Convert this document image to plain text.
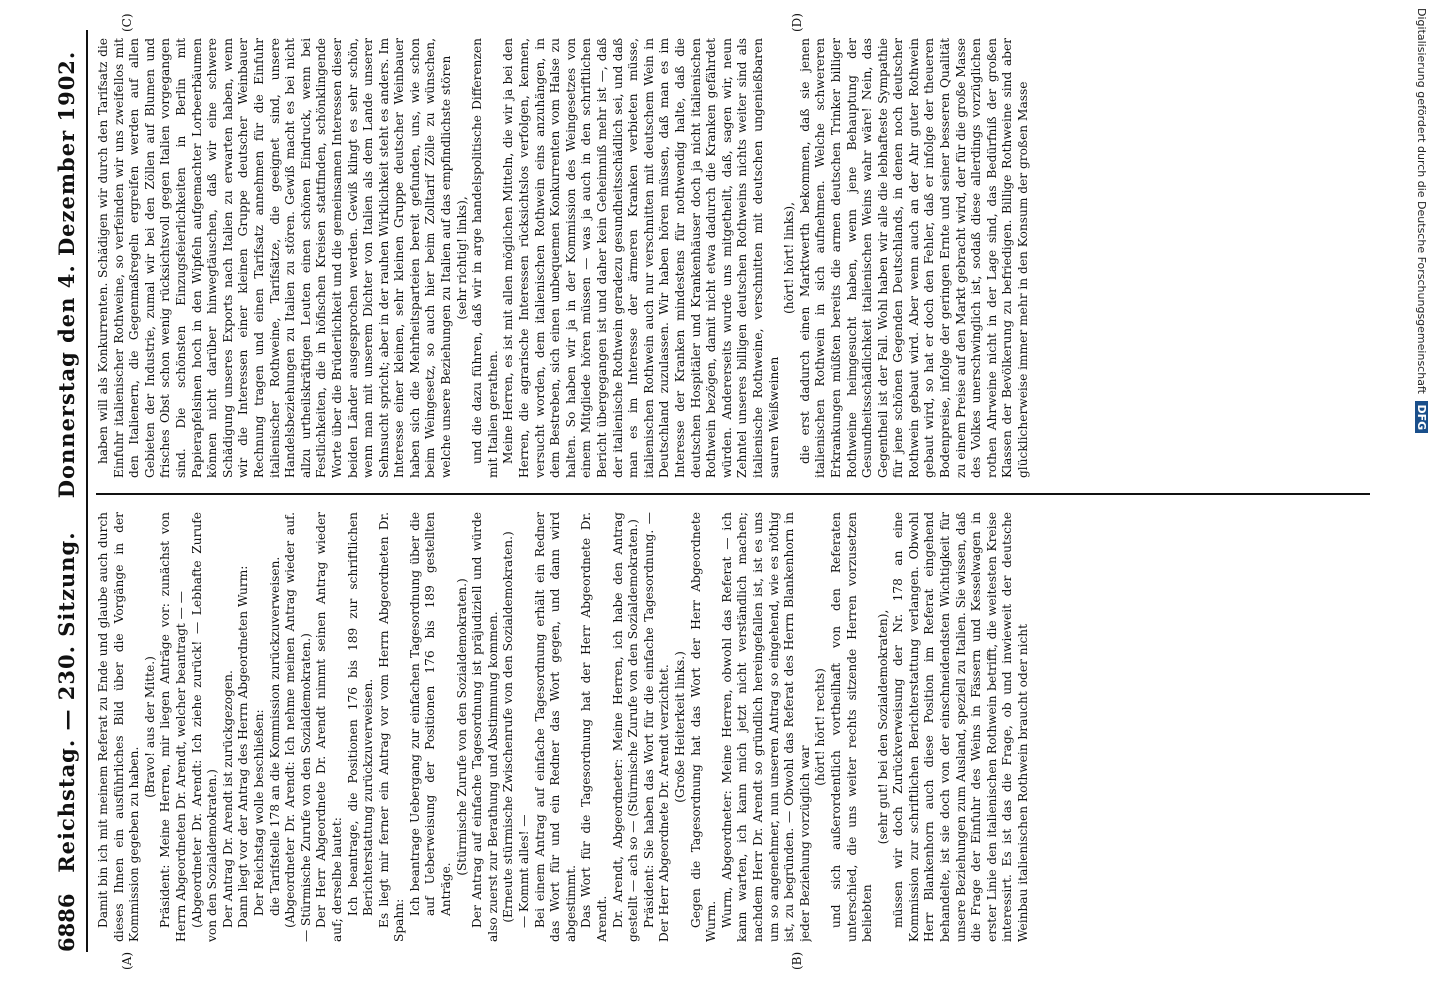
6886
Reichstag. — 230. Sitzung.    Donnerstag den 4. Dezember 1902.
(A)	(B)
(C)	(D)

Damit bin ich mit meinem Referat zu Ende und glaube auch durch dieses Ihnen ein ausführliches Bild über die Vorgänge in der Kommission gegeben zu haben.

(Bravo! aus der Mitte.) Präsident: Meine Herren, mir liegen Anträge vor: zunächst von Herrn Abgeordneten Dr. Arendt, welcher beantragt — — (Abgeordneter Dr. Arendt: Ich ziehe zurück! — Lebhafte Zurufe von den Sozialdemokraten.) Der Antrag Dr. Arendt ist zurückgezogen. Dann liegt vor der Antrag des Herrn Abgeordneten Wurm: Der Reichstag wolle beschließen: die Tarifstelle 178 an die Kommission zurückzuverweisen. (Abgeordneter Dr. Arendt: Ich nehme meinen Antrag wieder auf. — Stürmische Zurufe von den Sozialdemokraten.) Der Herr Abgeordnete Dr. Arendt nimmt seinen Antrag wieder auf; derselbe lautet: Ich beantrage, die Positionen 176 bis 189 zur schriftlichen Berichterstattung zurückzuverweisen. Es liegt mir ferner ein Antrag vor vom Herrn Abgeordneten Dr. Spahn:

Ich beantrage Uebergang zur einfachen Tagesordnung über die auf Ueberweisung der Positionen 176 bis 189 gestellten Anträge.

(Stürmische Zurufe von den Sozialdemokraten.) Der Antrag auf einfache Tagesordnung ist präjudiziell und würde also zuerst zur Berathung und Abstimmung kommen. (Erneute stürmische Zwischenrufe von den Sozialdemokraten.) — Kommt alles! — Bei einem Antrag auf einfache Tagesordnung erhält ein Redner das Wort für und ein Redner das Wort gegen, und dann wird abgestimmt. Das Wort für die Tagesordnung hat der Herr Abgeordnete Dr. Arendt. Dr. Arendt, Abgeordneter: Meine Herren, ich habe den Antrag gestellt — ach so — (Stürmische Zurufe von den Sozialdemokraten.) Präsident: Sie haben das Wort für die einfache Tagesordnung. — Der Herr Abgeordnete Dr. Arendt verzichtet. (Große Heiterkeit links.) Gegen die Tagesordnung hat das Wort der Herr Abgeordnete Wurm. Wurm, Abgeordneter: Meine Herren, obwohl das Referat — ich kann warten, ich kann mich jetzt nicht verständlich machen; nachdem Herr Dr. Arendt so gründlich hereingefallen ist, ist es uns um so angenehmer, nun unseren Antrag so eingehend, wie es nöthig ist, zu begründen. — Obwohl das Referat des Herrn Blankenhorn in jeder Beziehung vorzüglich war

(hört! hört! rechts) und sich außerordentlich vortheilhaft von den Referaten unterschied, die uns weiter rechts sitzende Herren vorzusetzen beliebten

(sehr gut! bei den Sozialdemokraten), müssen wir doch Zurückverweisung der Nr. 178 an eine Kommission zur schriftlichen Berichterstattung verlangen. Obwohl Herr Blankenhorn auch diese Position im Referat eingehend behandelte, ist sie doch von der einschneidendsten Wichtigkeit für unsere Beziehungen zum Ausland, speziell zu Italien. Sie wissen, daß die Frage der Einfuhr des Weins in Fässern und Kesselwagen in erster Linie den italienischen Rothwein betrifft, die weitesten Kreise interessirt. Es ist das die Frage, ob und inwieweit der deutsche Weinbau italienischen Rothwein braucht oder nicht

haben will als Konkurrenten. Schädigen wir durch den Tarifsatz die Einfuhr italienischer Rothweine, so verfeinden wir uns zweifellos mit den Italienern, die Gegenmaßregeln ergreifen werden auf allen Gebieten der Industrie, zumal wir bei den Zöllen auf Blumen und frisches Obst schon wenig rücksichtsvoll gegen Italien vorgegangen sind. Die schönsten Einzugsfeierlichkeiten in Berlin mit Papierapfelsinen hoch in den Wipfeln aufgemachter Lorbeerbäumen können nicht darüber hinwegtäuschen, daß wir eine schwere Schädigung unseres Exports nach Italien zu erwarten haben, wenn wir die Interessen einer kleinen Gruppe deutscher Weinbauer Rechnung tragen und einen Tarifsatz annehmen für die Einfuhr italienischer Rothweine, Tarifsätze, die geeignet sind, unsere Handelsbeziehungen zu Italien zu stören. Gewiß macht es bei nicht allzu urtheilskräftigen Leuten einen schönen Eindruck, wenn bei Festlichkeiten, die in höfischen Kreisen stattfinden, schönklingende Worte über die Brüderlichkeit und die gemeinsamen Interessen dieser beiden Länder ausgesprochen werden. Gewiß klingt es sehr schön, wenn man mit unserem Dichter von Italien als dem Lande unserer Sehnsucht spricht; aber in der rauhen Wirklichkeit steht es anders. Im Interesse einer kleinen, sehr kleinen Gruppe deutscher Weinbauer haben sich die Mehrheitsparteien bereit gefunden, uns, wie schon beim Weingesetz, so auch hier beim Zolltarif Zölle zu wünschen, welche unsere Beziehungen zu Italien auf das empfindlichste stören (sehr richtig! links), und die dazu führen, daß wir in arge handelspolitische Differenzen mit Italien gerathen. Meine Herren, es ist mit allen möglichen Mitteln, die wir ja bei den Herren, die agrarische Interessen rücksichtslos verfolgen, kennen, versucht worden, dem italienischen Rothwein eins anzuhängen, in dem Bestreben, sich einen unbequemen Konkurrenten vom Halse zu halten. So haben wir ja in der Kommission des Weingesetzes von einem Mitgliede hören müssen — was ja auch in den schriftlichen Bericht übergegangen ist und daher kein Geheimniß mehr ist —, daß der italienische Rothwein geradezu gesundheitsschädlich sei, und daß man es im Interesse der ärmeren Kranken verbieten müsse, italienischen Rothwein auch nur verschnitten mit deutschem Wein in Deutschland zuzulassen. Wir haben hören müssen, daß man es im Interesse der Kranken mindestens für nothwendig halte, daß die deutschen Hospitäler und Krankenhäuser doch ja nicht italienischen Rothwein bezögen, damit nicht etwa dadurch die Kranken gefährdet würden. Andererseits wurde uns mitgetheilt, daß, sagen wir, neun Zehntel unseres billigen deutschen Rothweins nichts weiter sind als italienische Rothweine, verschnitten mit deutschen ungenießbaren sauren Weißweinen

(hört! hört! links), die erst dadurch einen Marktwerth bekommen, daß sie jenen italienischen Rothwein in sich aufnehmen. Welche schwereren Erkrankungen müßten bereits die armen deutschen Trinker billiger Rothweine heimgesucht haben, wenn jene Behauptung der Gesundheitsschädlichkeit italienischen Weins wahr wäre! Nein, das Gegentheil ist der Fall. Wohl haben wir alle die lebhafteste Sympathie für jene schönen Gegenden Deutschlands, in denen noch deutscher Rothwein gebaut wird. Aber wenn auch an der Ahr guter Rothwein gebaut wird, so hat er doch den Fehler, daß er infolge der theueren Bodenpreise, infolge der geringen Ernte und seiner besseren Qualität zu einem Preise auf den Markt gebracht wird, der für die große Masse des Volkes unerschwinglich ist, sodaß diese allerdings vorzüglichen rothen Ahrweine nicht in der Lage sind, das Bedürfniß der großen Klassen der Bevölkerung zu befriedigen. Billige Rothweine sind aber glücklicherweise immer mehr in den Konsum der großen Masse	Digitalisierung gefördert durch die Deutsche Forschungsgemeinschaft DFG
